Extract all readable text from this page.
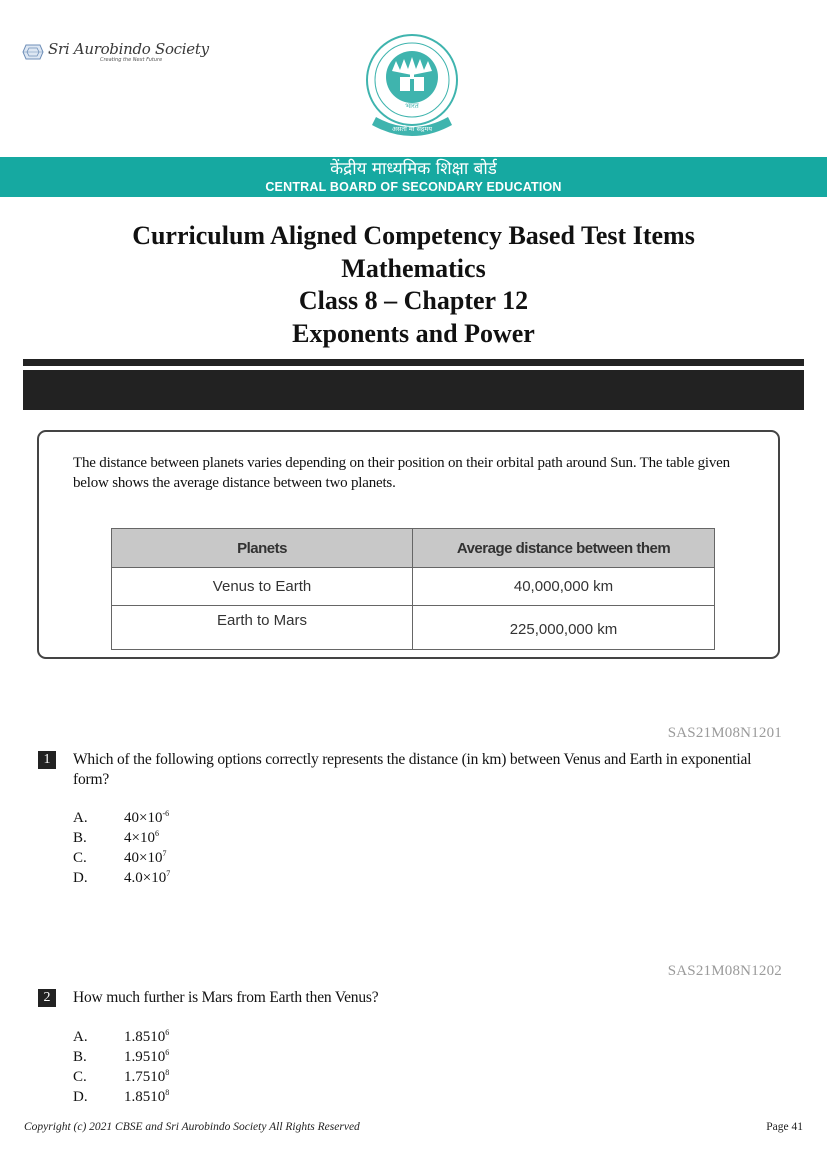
Sri Aurobindo Society
Creating the Next Future
भारत
असतो मा सद्गमय
केंद्रीय माध्यमिक शिक्षा बोर्ड
CENTRAL BOARD OF SECONDARY EDUCATION
Curriculum Aligned Competency Based Test Items
Mathematics
Class 8 – Chapter 12
Exponents and Power
The distance between planets varies depending on their position on their orbital path around Sun. The table given below shows the average distance between two planets.
Planets	Average distance between them
Venus to Earth	40,000,000 km
Earth to Mars	225,000,000 km
SAS21M08N1201
1	Which of the following options correctly represents the distance (in km) between Venus and Earth in exponential form?
A.	$40\times 10^{-6}$
B.	$4\times 10^6$
C.	$40\times 10^7$
D.	$4.0\times 10^7$
SAS21M08N1202
2	How much further is Mars from Earth then Venus?
A.	1.8510$^6$
B.	1.9510$^6$
C.	1.7510$^8$
D.	1.8510$^8$
Copyright (c) 2021 CBSE and Sri Aurobindo Society All Rights Reserved	Page 41
